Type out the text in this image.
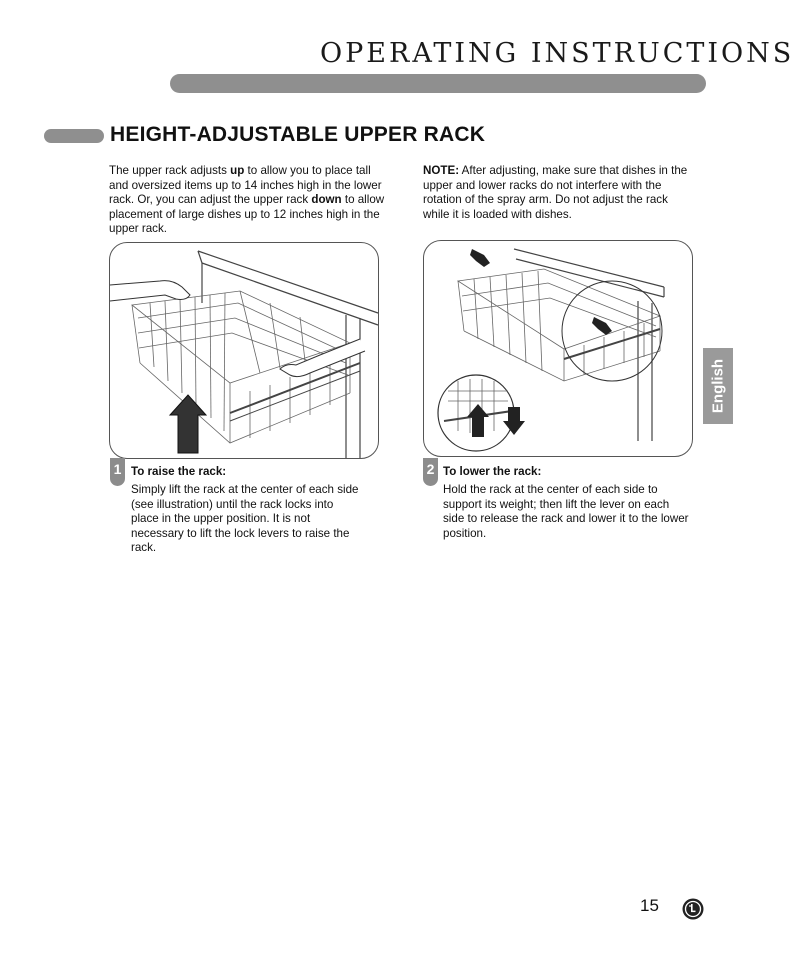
OPERATING INSTRUCTIONS
HEIGHT-ADJUSTABLE UPPER RACK
The upper rack adjusts up to allow you to place tall and oversized items up to 14 inches high in the lower rack. Or, you can adjust the upper rack down to allow placement of large dishes up to 12 inches high in the upper rack.
NOTE: After adjusting, make sure that dishes in the upper and lower racks do not interfere with the rotation of the spray arm. Do not adjust the rack while it is loaded with dishes.
1 To raise the rack:
Simply lift the rack at the center of each side (see illustration) until the rack locks into place in the upper position. It is not necessary to lift the lock levers to raise the rack.
2 To lower the rack:
Hold the rack at the center of each side to support its weight; then lift the lever on each side to release the rack and lower it to the lower position.
English
15
